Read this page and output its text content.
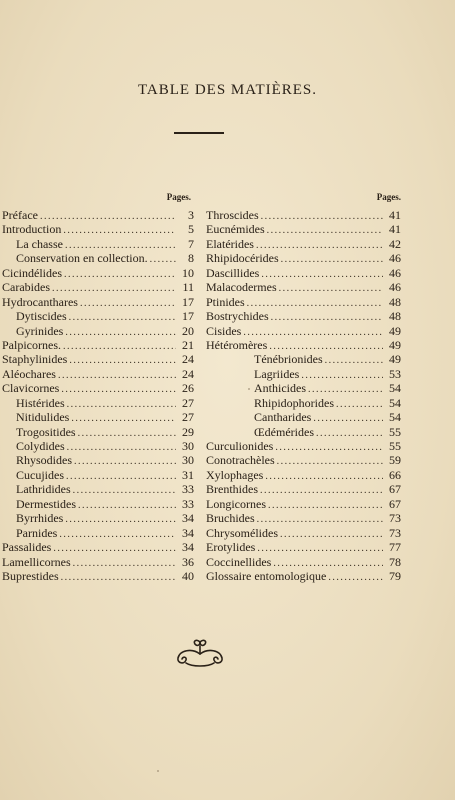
TABLE DES MATIÈRES.
Pages.
Préface .....	3
Introduction .....	5
La chasse .....	7
Conservation en collection. .....	8
Cicindélides .....	10
Carabides .....	11
Hydrocanthares .....	17
Dytiscides .....	17
Gyrinides .....	20
Palpicornes. .....	21
Staphylinides .....	24
Aléochares .....	24
Clavicornes .....	26
Histérides .....	27
Nitidulides .....	27
Trogositides .....	29
Colydides .....	30
Rhysodides .....	30
Cucujides .....	31
Lathridides .....	33
Dermestides .....	33
Byrrhides .....	34
Parnides .....	34
Passalides .....	34
Lamellicornes .....	36
Buprestides .....	40
Pages.
Throscides .....	41
Eucnémides .....	41
Elatérides .....	42
Rhipidocérides .....	46
Dascillides .....	46
Malacodermes .....	46
Ptinides .....	48
Bostrychides .....	48
Cisides .....	49
Hétéromères .....	49
Ténébrionides .....	49
Lagriides .....	53
Anthicides .....	54
Rhipidophorides .....	54
Cantharides .....	54
Œdémérides .....	55
Curculionides .....	55
Conotrachèles .....	59
Xylophages .....	66
Brenthides .....	67
Longicornes .....	67
Bruchides .....	73
Chrysomélides .....	73
Erotylides .....	77
Coccinellides .....	78
Glossaire entomologique .....	79
